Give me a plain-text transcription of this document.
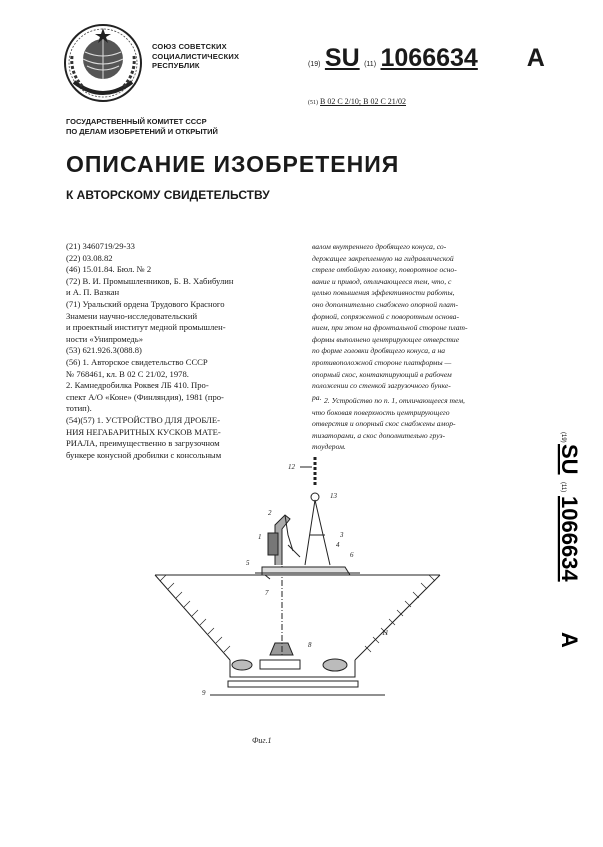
СОЮЗ СОВЕТСКИХ
СОЦИАЛИСТИЧЕСКИХ
РЕСПУБЛИК	(19) SU (11) 1066634 A
(51) В 02 С 2/10; В 02 С 21/02
ГОСУДАРСТВЕННЫЙ КОМИТЕТ СССР
ПО ДЕЛАМ ИЗОБРЕТЕНИЙ И ОТКРЫТИЙ
ОПИСАНИЕ ИЗОБРЕТЕНИЯ
К АВТОРСКОМУ СВИДЕТЕЛЬСТВУ
(21) 3460719/29-33
(22) 03.08.82
(46) 15.01.84. Бюл. № 2
(72) В. И. Промышленников, Б. В. Хабибулин
и А. П. Вазкан
(71) Уральский ордена Трудового Красного
Знамени научно-исследовательский
и проектный институт медной промышлен-
ности «Унипромедь»
(53) 621.926.3(088.8)
(56) 1. Авторское свидетельство СССР
№ 768461, кл. В 02 С 21/02, 1978.
2. Камнедробилка Роквея ЛБ 410. Про-
спект А/О «Конe» (Финляндия), 1981 (про-
тотип).
(54)(57) 1. УСТРОЙСТВО ДЛЯ ДРОБЛЕ-
НИЯ НЕГАБАРИТНЫХ КУСКОВ МАТЕ-
РИАЛА, преимущественно в загрузочном
бункере конусной дробилки с консольным
валом внутреннего дробящего конуса, со-
держащее закрепленную на гидравлической
стреле отбойную головку, поворотное осно-
вание и привод, отличающееся тем, что, с
целью повышения эффективности работы,
оно дополнительно снабжено опорной плат-
формой, сопряженной с поворотным основа-
нием, при этом на фронтальной стороне плат-
формы выполнено центрирующее отверстие
по форме головки дробящего конуса, а на
противоположной стороне платформы —
опорный скос, контактирующий в рабочем
положении со стенкой загрузочного бунке-
ра. 2. Устройство по п. 1, отличающееся тем,
что боковая поверхность центрирующего
отверстия и опорный скос снабжены амор-
тизаторами, а скос дополнительно груз-
тоудером.
(19)
SU
(11)
1066634
A
12
2
1
13
3
4
5
6
7
8
11
9
Фиг.1
